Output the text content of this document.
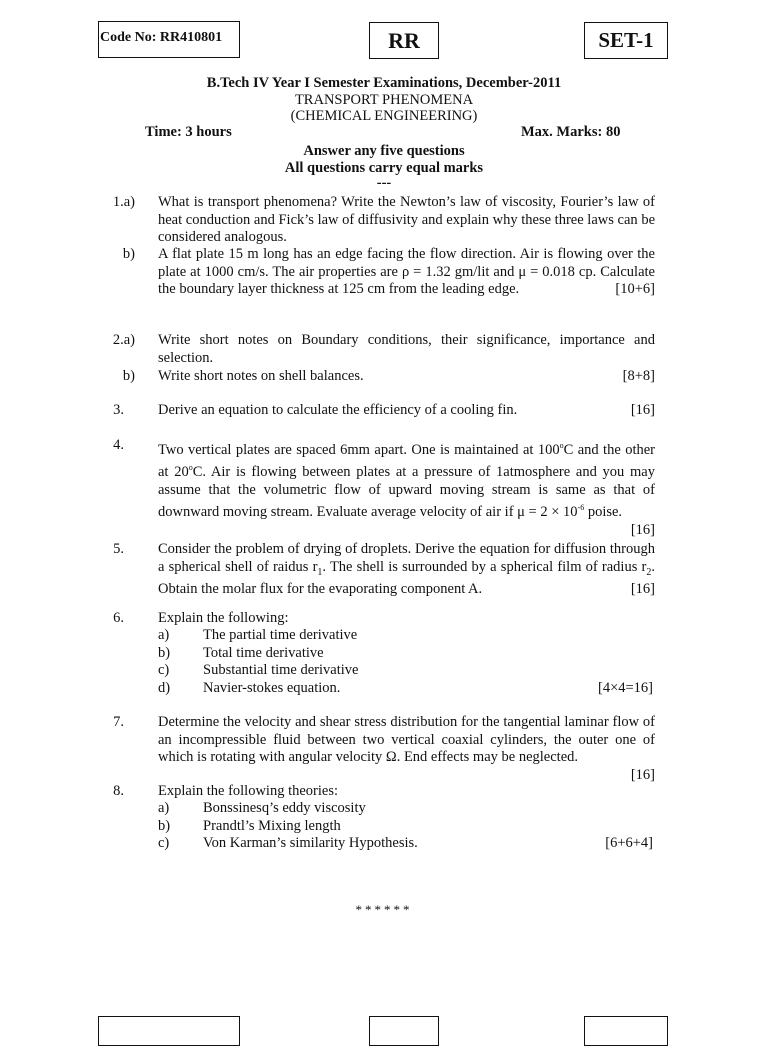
Code No: RR410801	RR	SET-1
B.Tech IV Year I Semester Examinations, December-2011
TRANSPORT PHENOMENA
(CHEMICAL ENGINEERING)
Time: 3 hours	Max. Marks: 80
Answer any five questions
All questions carry equal marks
---
1.a) What is transport phenomena? Write the Newton’s law of viscosity, Fourier’s law of heat conduction and Fick’s law of diffusivity and explain why these three laws can be considered analogous.
b) A flat plate 15 m long has an edge facing the flow direction. Air is flowing over the plate at 1000 cm/s. The air properties are ρ = 1.32 gm/lit and μ = 0.018 cp. Calculate the boundary layer thickness at 125 cm from the leading edge.	[10+6]
2.a) Write short notes on Boundary conditions, their significance, importance and selection.
b) Write short notes on shell balances.	[8+8]
3. Derive an equation to calculate the efficiency of a cooling fin.	[16]
4. Two vertical plates are spaced 6mm apart. One is maintained at 100$^o$C and the other at 20$^o$C. Air is flowing between plates at a pressure of 1atmosphere and you may assume that the volumetric flow of upward moving stream is same as that of downward moving stream. Evaluate average velocity of air if $\mu = 2 \times 10^{-6}$ poise.
[16]
5. Consider the problem of drying of droplets. Derive the equation for diffusion through a spherical shell of raidus $r_1$. The shell is surrounded by a spherical film of radius $r_2$. Obtain the molar flux for the evaporating component A.	[16]
6. Explain the following:
a) The partial time derivative
b) Total time derivative
c) Substantial time derivative
d) Navier-stokes equation.	[4×4=16]
7. Determine the velocity and shear stress distribution for the tangential laminar flow of an incompressible fluid between two vertical coaxial cylinders, the outer one of which is rotating with angular velocity Ω. End effects may be neglected.
[16]
8. Explain the following theories:
a) Bonssinesq’s eddy viscosity
b) Prandtl’s Mixing length
c) Von Karman’s similarity Hypothesis.	[6+6+4]
******
